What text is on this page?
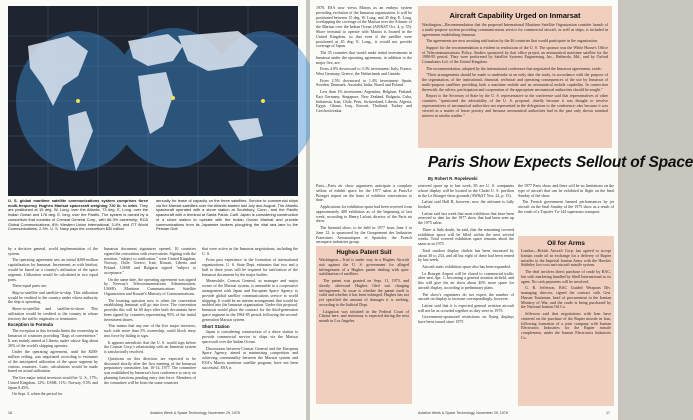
U. S. global maritime satellite communications system comprises three multi-frequency Hughes Marisat spacecraft weighing 720 lb. in orbit. They are positioned at 15 deg. W. Long. over the Atlantic, 73 deg. E. Long. over the Indian Ocean and 176 deg. E. long. over the Pacific. The system is owned by a consortium that consists of Comsat General Corp., with 86.3% ownership; RCA Global Communications, 8%; Western Union International, 3.4%, and ITT World Communications, 2.3%. U. S. Navy pays the consortium $30 million
annually for lease of capacity on the three satellites. Service to commercial ships via the Marisat satellites over the Atlantic started last July and August. The Atlantic spacecraft operated with a shore station at Southbury, Conn., and the Pacific spacecraft with a terminal at Santa Paula, Calif. Japan is considering construction of a shore station to operate with the Indian Ocean Marisat and provide communications from its Japanese tankers ploughing the vital sea lane to the Persian Gulf.

by a decisive general, world implementation of the system.

The operating agreement sets an initial $200-million capitalization for Inmarsat. Investment, as with Intelsat, would be based on a country's utilization of the space segment. Utilization would be calculated in two equal parts.

These equal parts are:

Ship-to-satellite and satellite-to-ship. This utilization would be credited to the country under whose authority the ship is operating.

Shore-to-satellite and satellite-to-shore. This utilization would be credited to the country in whose territory the traffic originates or terminates.

Exception to Formula

The exception to this formula limits the ownership in Inmarsat of countries providing "flags of convenience." It was mainly aimed at Liberia, under whose flag about 20% of the world's shipping operates.

Under the operating agreement, until the $200-million ceiling, was negotiated according to estimates of the anticipated utilization of the space segment by various countries. Later, calculations would be made based on actual utilization.

The five major initial investors would be: U. S., 17%; United Kingdom, 12%; USSR, 11%; Norway, 9.5% and Japan 8.45%.

On Sept. 3, when the period for

Inmarsat document signatures opened, 10 countries signed the convention with reservations. Signing with the notation, "subject to ratification," were United Kingdom, Norway, Chile, Greece, Iran, Kuwait, Liberia and Poland. USSR and Bulgaria signed "subject to acceptance."

On the same date, the operating agreement was signed by Norway's Telecommunications Administration, USSR's Maritime Communications Satellite Organization and Kuwait's Ministry of Communications.

The looming question now is when the convention establishing Inmarsat will go into force. The convention provides this will be 60 days after both documents have been signed by countries representing 95% of the initial investment shares.

This means that any one of the five major investors, such with more than 5% ownership, could block entry into force by failing to sign.

It appears unrealistic that the U. S. would sign before the Comsat Corp.'s relationship with an Inmarsat system is satisfactorily resolved.

Questions on this direction are expected to be discussed shortly after the first meeting of the Inmarsat preparatory committee, Jan. 10-14, 1977. The committee was established by Inmarsat's host conference to carry on planning functions pending entry into force. Members of the committee will be from the same countries

that were active in the Inmarsat negotiations, including the U. S.

From past experience in the formation of international organizations, U. S. State Dept. estimates that two and a half to three years will be required for ratification of the Inmarsat documents by the major bodies.

Meanwhile, Comsat General, as manager and major owner of the Marisat system, is amenable to a cooperative arrangement with Japan and European Space Agency to provide global satellite communications service to world shipping. It could be an interim arrangement that would be molded into the Inmarsat organization. Under this proposal, Inmarsat would place the contract for the third-generation space segment in the 1984-85 period, following the second-generation Marisat system.

Short Station

Japan is considering construction of a shore station to provide commercial service to ships via the Marisat spacecraft over the Indian Ocean.

Discussions between Comsat General and the European Space Agency, aimed at minimizing competition and achieving commonality between the Marisat system and ESA's Marots maritime satellite program, have not been successful. ESA is

16	Aviation Week & Space Technology, November 29, 1976

1978. ESA now views Marots as an embryo system providing evolution of the Inmarsat organization. It will be positioned between 15 deg. W. Long. and 45 deg. E. Long. overlapping the coverage of the Marisat over the Atlantic of the Marisat over the Indian Ocean (AW&ST Oct. 4, p. 55). Shore terminal to operate with Marots is located in the United Kingdom, so that even if the satellite were positioned at 45 deg. E. Long., it would not provide coverage of Japan.

The 35 countries that would make initial investments in Inmarsat under the operating agreement, in addition to the major five, are:

From 4.0% downward to 3.3% investment: Italy, France, West Germany, Greece, the Netherlands and Canada.

From 2.5% downward to 1.4% investment: Spain, Sweden, Denmark, Australia, India, Brazil and Poland.

Less than 1% investment: Argentina, Belgium, Finland, East Germany, Singapore, New Zealand, Bulgaria, Cuba, Indonesia, Iran, Chile, Peru, Switzerland, Liberia, Algeria, Egypt, Ghana, Iraq, Kuwait, Thailand, Turkey and Czechoslovakia.

Aircraft Capability Urged on Inmarsat

Washington—Recommendation that the proposed International Maritime Satellite Organization consider launch of a multi-purpose system providing communications service for commercial aircraft, as well as ships, is included in agreements establishing Inmarsat.

The agreements are now awaiting ratification by the 46 countries that would participate in the organization.

Support for the recommendation is evident in resolutions of the U. S. The sponsor was the White House's Office of Telecommunications Policy. Studies sponsored by that office project an aeronautical maritime satellite for the 1980-85 period. They were performed by Satellite Systems Engineering, Inc., Bethesda, Md., and by Oxford Consultants Ltd. of the United Kingdom.

The recommendation, adopted by the international conference that negotiated the Inmarsat agreements, reads:

"Their arrangements should be made to undertake at an early date the study, in accordance with the purpose of the organization, of the institutional, financial, technical and operating consequences of the use by Inmarsat of multi-purpose satellites providing both a maritime mobile and an aeronautical mobile capability. In connection therewith, the advice, participation and cooperation of the appropriate aeronautical authorities should be sought."

Report to the Secretary of State by the U. S. representative to the conference said that representatives of other countries "questioned the advisability of the U. S. proposal, chiefly because it was thought to involve representatives of aeronautical authorities not represented in the delegations to the conference; also because it was viewed as a matter of lesser priority and because aeronautical authorities had in the past only shown nominal interest in similar studies."

Paris Show Expects Sellout of Space
By Robert R. Ropelewski

Paris—Paris air show organizers anticipate a complete sellout of exhibit space for the 1977 salon at Paris/Le Bourget airport on the basis of exhibitor reservations to date.

Applications for exhibition space had been received from approximately 400 exhibitors as of the beginning of last week, according to Henry Lafont, director of the Paris air show.

The biennial show, to be held in 1977 from June 3 to June 12, is sponsored by the Groupement des Industries Francaises Aeronautiques et Spatiales, the French aerospace industries group.

Hughes Patent Suit

Washington—Trial is under way in a Hughes Aircraft suit against the U. S. government for alleged infringement of a Hughes patent dealing with spin-stabilization of satellites.

The patent was granted on Sept. 11, 1973, and shortly afterward Hughes filed suit charging infringement. At issue is whether the patent itself is valid and whether it has been infringed. Hughes has not yet specified the amount of damages it is seeking, according to the Judicial Dept.

Litigation was initiated in the Federal Court of Claims here, and testimony is expected during the next month in Los Angeles.

reserved space up to last week, 85 are U. S. companies whose display will be located in the Chalet U. S. pavilion in the Le Bourget show grounds (AW&ST Nov. 22, p. 15).

Lafont said Hall B, however, now the airframe is fully booked.

Lafont said last week that most exhibitors that have been reserved to date for the 1977 show that had been seen up the 1975 salon.

There is little doubt, he said, that the remaining covered exhibition space will be filled within the next several weeks. Total covered exhibition space remains about the same as in 1975.

Total outdoor display chalets has been increased by about 30 to 234, and all but eight of these had been rented by last week.

Aircraft static exhibition space also has been expanded.

Le Bourget Airport will be closed to commercial traffic after next Apr. 1, becoming a general aviation airfield, and this will give the air show about 40% more space for aircraft display, according to preliminary plans.

The show's organizers do not expect the number of aircraft on display to increase correspondingly, however.

Lafont said that it is expected general aviation aircraft will not be as crowded together as they were in 1975.

Government-sponsored restrictions on flying displays have been issued since 1975

the 1977 Paris show, and there will be no limitations on the type of aircraft that can be exhibited in flight on the final Sunday of the show.

The French government banned performances by jet aircraft on the final Sunday of the 1975 show as a result of the crash of a Tupolev Tu-144 supersonic transport.

Oil for Arms

London—British Aircraft Corp. has agreed to accept Iranian crude oil in exchange for a delivery of Rapier missiles to the Imperial Iranian Army with the Hawker Siddeley low-cost anti-aircraft missile system.

The deal involves direct purchase of crude by BAC, but with marketing handled by Shell International as its agent. No cash payments will be involved.

G. R. Jefferson, BAC Guided Weapons Div. managing director, signed the contract with Gen. Hassan Toufanian, head of procurement in the Iranian Ministry of War, and the crude is being purchased by the National Iranian Oil Co.

Jefferson said that negotiations with Iran have centered on the purchase of the Rapier missile in Iran, following formation of a joint company with Iranian Electronics Industries for the Rapier missile complement, under the Iranian Electronics Industries Co.

Aviation Week & Space Technology, November 29, 1976	17
